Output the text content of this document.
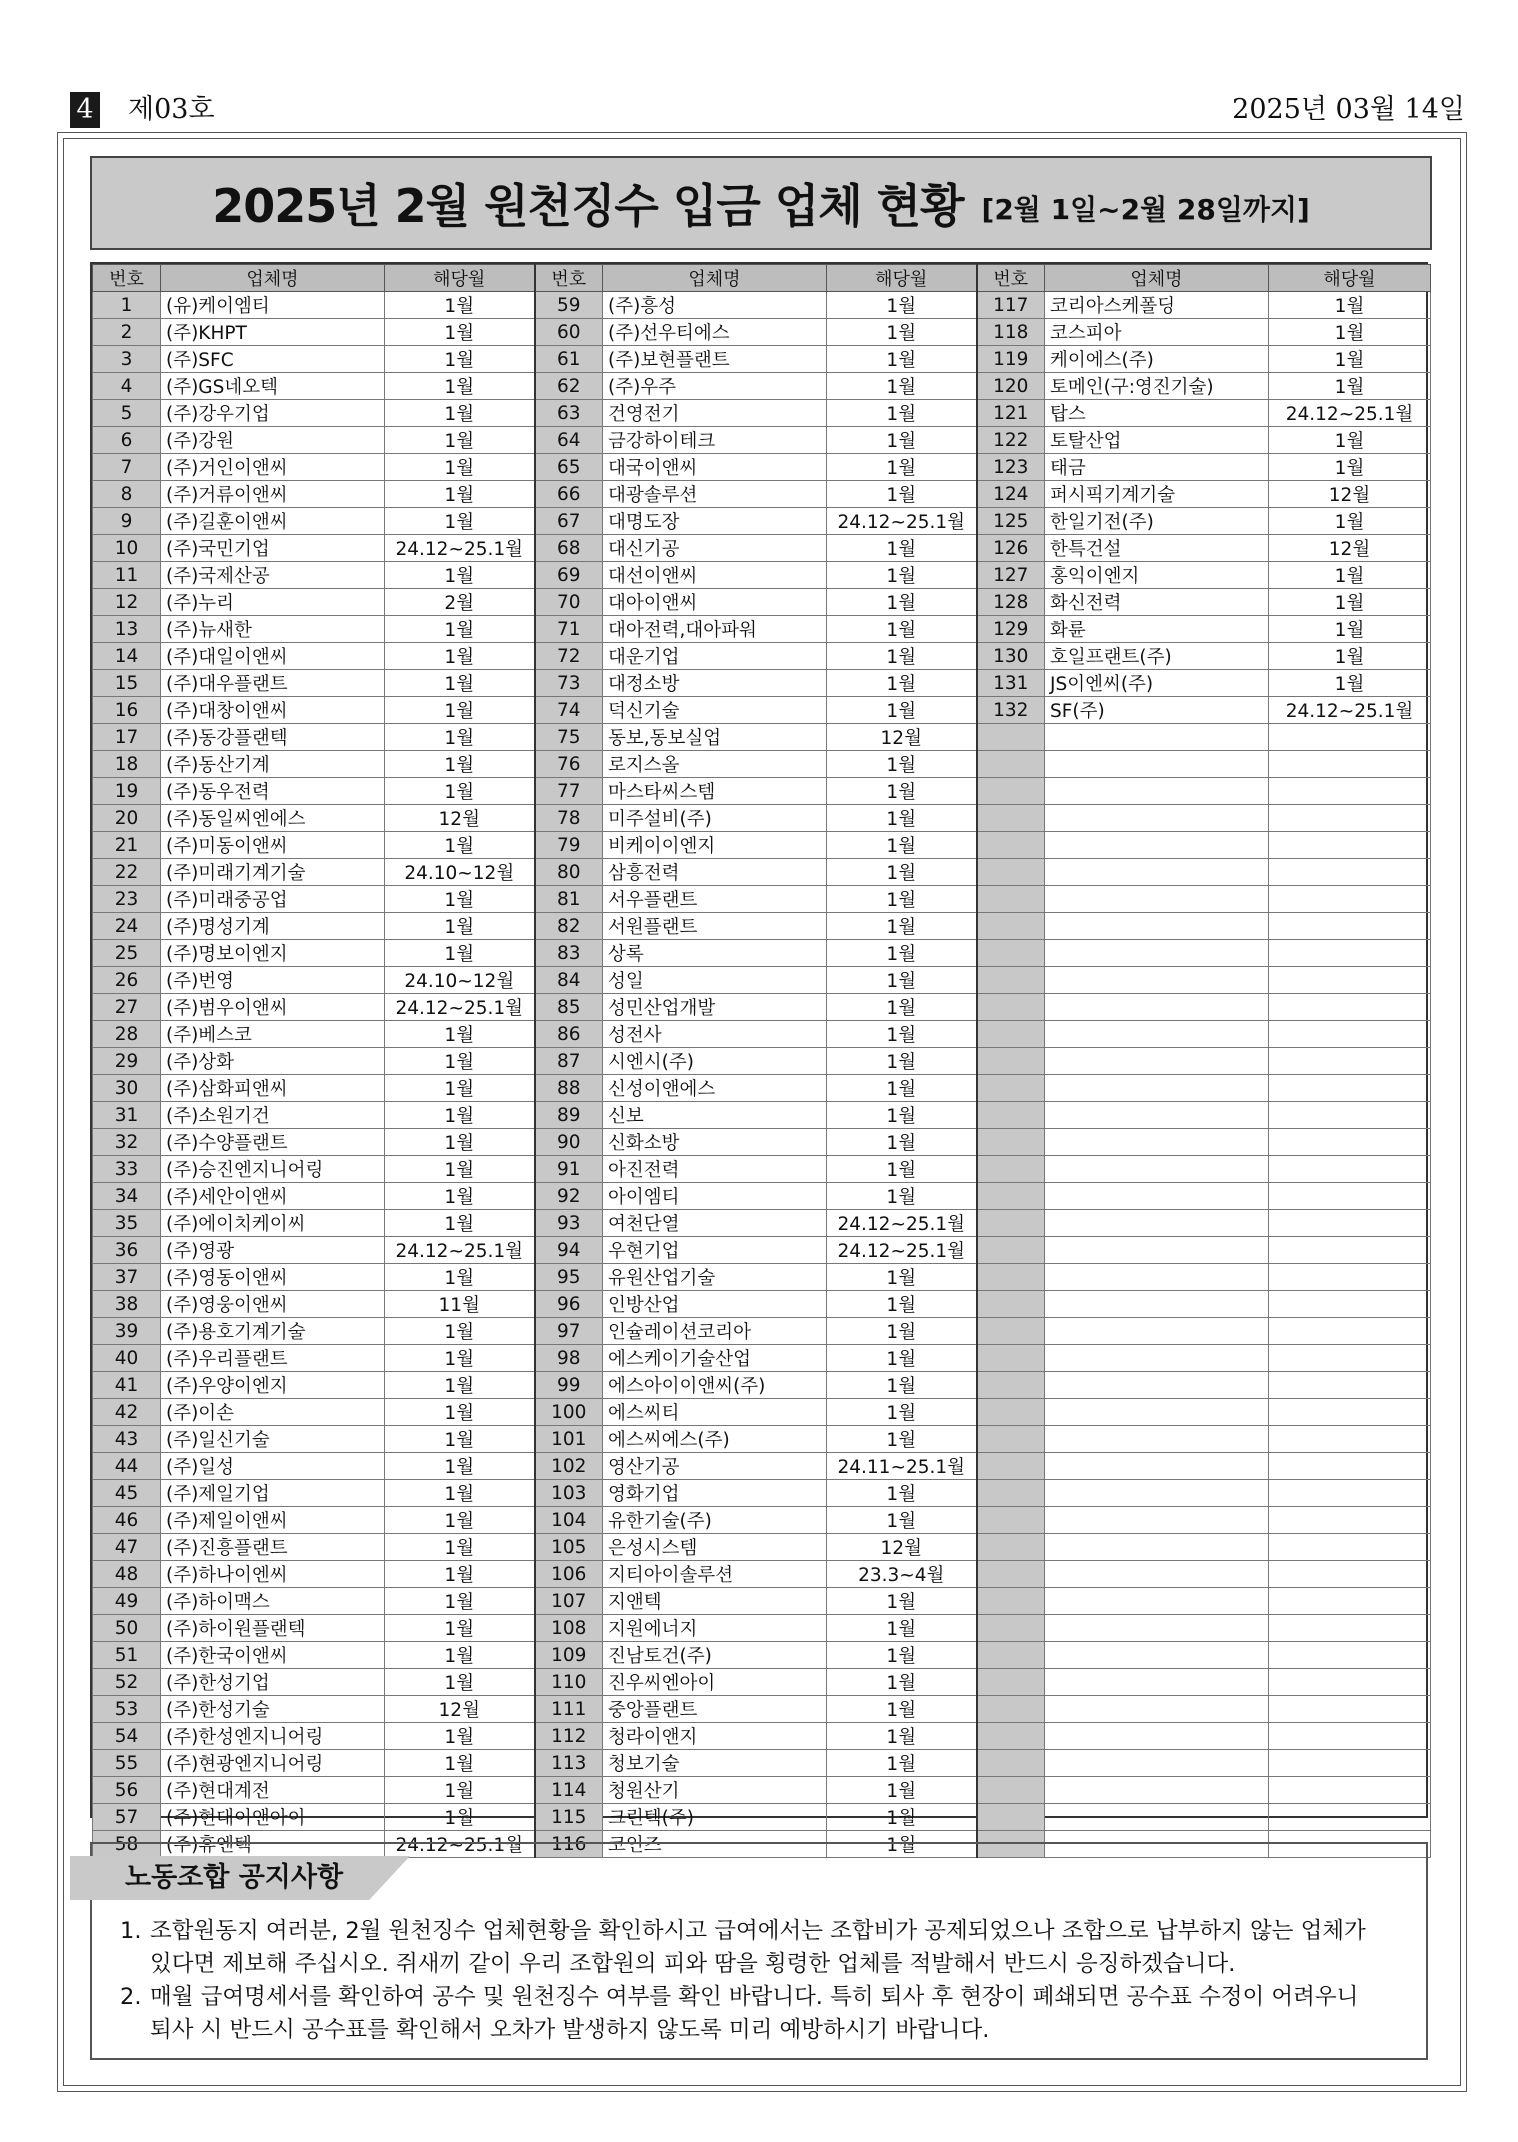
4 제03호	2025년 03월 14일
2025년 2월 원천징수 입금 업체 현황 [2월 1일~2월 28일까지]
번호	업체명	해당월	번호	업체명	해당월	번호	업체명	해당월
1	(유)케이엠티	1월	59	(주)흥성	1월	117	코리아스케폴딩	1월
2	(주)KHPT	1월	60	(주)선우티에스	1월	118	코스피아	1월
3	(주)SFC	1월	61	(주)보현플랜트	1월	119	케이에스(주)	1월
4	(주)GS네오텍	1월	62	(주)우주	1월	120	토메인(구:영진기술)	1월
5	(주)강우기업	1월	63	건영전기	1월	121	탑스	24.12~25.1월
6	(주)강원	1월	64	금강하이테크	1월	122	토탈산업	1월
7	(주)거인이앤씨	1월	65	대국이앤씨	1월	123	태금	1월
8	(주)거류이앤씨	1월	66	대광솔루션	1월	124	퍼시픽기계기술	12월
9	(주)길훈이앤씨	1월	67	대명도장	24.12~25.1월	125	한일기전(주)	1월
10	(주)국민기업	24.12~25.1월	68	대신기공	1월	126	한특건설	12월
11	(주)국제산공	1월	69	대선이앤씨	1월	127	홍익이엔지	1월
12	(주)누리	2월	70	대아이앤씨	1월	128	화신전력	1월
13	(주)뉴새한	1월	71	대아전력,대아파워	1월	129	화륜	1월
14	(주)대일이앤씨	1월	72	대운기업	1월	130	호일프랜트(주)	1월
15	(주)대우플랜트	1월	73	대정소방	1월	131	JS이엔씨(주)	1월
16	(주)대창이앤씨	1월	74	덕신기술	1월	132	SF(주)	24.12~25.1월
17	(주)동강플랜텍	1월	75	동보,동보실업	12월			
18	(주)동산기계	1월	76	로지스올	1월			
19	(주)동우전력	1월	77	마스타씨스템	1월			
20	(주)동일씨엔에스	12월	78	미주설비(주)	1월			
21	(주)미동이앤씨	1월	79	비케이이엔지	1월			
22	(주)미래기계기술	24.10~12월	80	삼흥전력	1월			
23	(주)미래중공업	1월	81	서우플랜트	1월			
24	(주)명성기계	1월	82	서원플랜트	1월			
25	(주)명보이엔지	1월	83	상록	1월			
26	(주)번영	24.10~12월	84	성일	1월			
27	(주)범우이앤씨	24.12~25.1월	85	성민산업개발	1월			
28	(주)베스코	1월	86	성전사	1월			
29	(주)상화	1월	87	시엔시(주)	1월			
30	(주)삼화피앤씨	1월	88	신성이앤에스	1월			
31	(주)소원기건	1월	89	신보	1월			
32	(주)수양플랜트	1월	90	신화소방	1월			
33	(주)승진엔지니어링	1월	91	아진전력	1월			
34	(주)세안이앤씨	1월	92	아이엠티	1월			
35	(주)에이치케이씨	1월	93	여천단열	24.12~25.1월			
36	(주)영광	24.12~25.1월	94	우현기업	24.12~25.1월			
37	(주)영동이앤씨	1월	95	유원산업기술	1월			
38	(주)영웅이앤씨	11월	96	인방산업	1월			
39	(주)용호기계기술	1월	97	인슐레이션코리아	1월			
40	(주)우리플랜트	1월	98	에스케이기술산업	1월			
41	(주)우양이엔지	1월	99	에스아이이앤씨(주)	1월			
42	(주)이손	1월	100	에스씨티	1월			
43	(주)일신기술	1월	101	에스씨에스(주)	1월			
44	(주)일성	1월	102	영산기공	24.11~25.1월			
45	(주)제일기업	1월	103	영화기업	1월			
46	(주)제일이앤씨	1월	104	유한기술(주)	1월			
47	(주)진흥플랜트	1월	105	은성시스템	12월			
48	(주)하나이엔씨	1월	106	지티아이솔루션	23.3~4월			
49	(주)하이맥스	1월	107	지앤텍	1월			
50	(주)하이원플랜텍	1월	108	지원에너지	1월			
51	(주)한국이앤씨	1월	109	진남토건(주)	1월			
52	(주)한성기업	1월	110	진우씨엔아이	1월			
53	(주)한성기술	12월	111	중앙플랜트	1월			
54	(주)한성엔지니어링	1월	112	청라이앤지	1월			
55	(주)현광엔지니어링	1월	113	청보기술	1월			
56	(주)현대계전	1월	114	청원산기	1월			
57	(주)현대이앤아이	1월	115	크린텍(주)	1월			
58	(주)휴엔텍	24.12~25.1월	116	코인즈	1월			
노동조합 공지사항
1. 조합원동지 여러분, 2월 원천징수 업체현황을 확인하시고 급여에서는 조합비가 공제되었으나 조합으로 납부하지 않는 업체가
있다면 제보해 주십시오. 쥐새끼 같이 우리 조합원의 피와 땀을 횡령한 업체를 적발해서 반드시 응징하겠습니다.
2. 매월 급여명세서를 확인하여 공수 및 원천징수 여부를 확인 바랍니다. 특히 퇴사 후 현장이 폐쇄되면 공수표 수정이 어려우니
퇴사 시 반드시 공수표를 확인해서 오차가 발생하지 않도록 미리 예방하시기 바랍니다.
